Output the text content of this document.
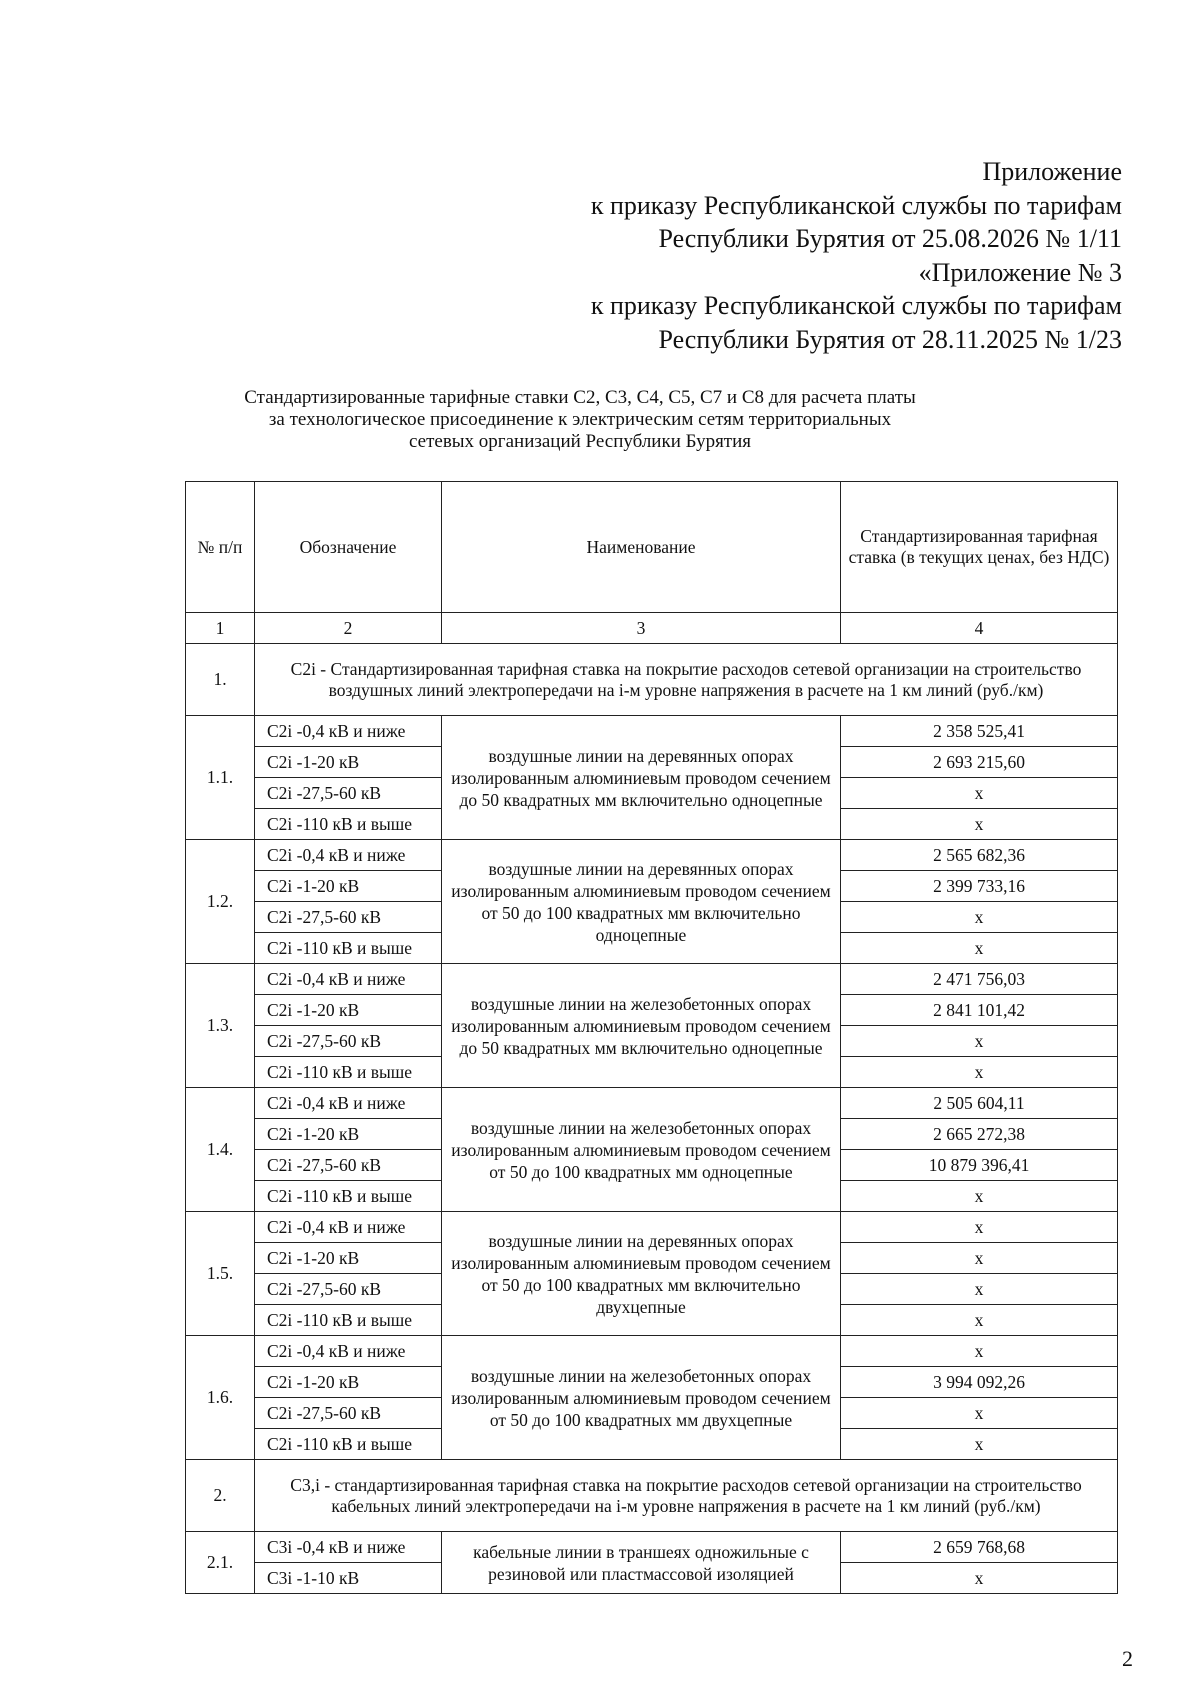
Приложение
к приказу Республиканской службы по тарифам
Республики Бурятия от 25.08.2026 № 1/11
«Приложение № 3
к приказу Республиканской службы по тарифам
Республики Бурятия от 28.11.2025 № 1/23
Стандартизированные тарифные ставки С2, С3, С4, С5, С7 и С8 для расчета платы
за технологическое присоединение к электрическим сетям территориальных
сетевых организаций Республики Бурятия
№ п/п	Обозначение	Наименование	Стандартизированная тарифная ставка (в текущих ценах, без НДС)
1	2	3	4
1.	С2i - Стандартизированная тарифная ставка на покрытие расходов сетевой организации на строительство воздушных линий электропередачи на i-м уровне напряжения в расчете на 1 км линий (руб./км)		
1.1.	С2i -0,4 кВ и ниже	воздушные линии на деревянных опорах изолированным алюминиевым проводом сечением до 50 квадратных мм включительно одноцепные	2 358 525,41
	С2i -1-20 кВ		2 693 215,60
	С2i -27,5-60 кВ		х
	С2i -110 кВ и выше		х
1.2.	С2i -0,4 кВ и ниже	воздушные линии на деревянных опорах изолированным алюминиевым проводом сечением от 50 до 100 квадратных мм включительно одноцепные	2 565 682,36
	С2i -1-20 кВ		2 399 733,16
	С2i -27,5-60 кВ		х
	С2i -110 кВ и выше		х
1.3.	С2i -0,4 кВ и ниже	воздушные линии на железобетонных опорах изолированным алюминиевым проводом сечением до 50 квадратных мм включительно одноцепные	2 471 756,03
	С2i -1-20 кВ		2 841 101,42
	С2i -27,5-60 кВ		х
	С2i -110 кВ и выше		х
1.4.	С2i -0,4 кВ и ниже	воздушные линии на железобетонных опорах изолированным алюминиевым проводом сечением от 50 до 100 квадратных мм одноцепные	2 505 604,11
	С2i -1-20 кВ		2 665 272,38
	С2i -27,5-60 кВ		10 879 396,41
	С2i -110 кВ и выше		х
1.5.	С2i -0,4 кВ и ниже	воздушные линии на деревянных опорах изолированным алюминиевым проводом сечением от 50 до 100 квадратных мм включительно двухцепные	х
	С2i -1-20 кВ		х
	С2i -27,5-60 кВ		х
	С2i -110 кВ и выше		х
1.6.	С2i -0,4 кВ и ниже	воздушные линии на железобетонных опорах изолированным алюминиевым проводом сечением от 50 до 100 квадратных мм двухцепные	х
	С2i -1-20 кВ		3 994 092,26
	С2i -27,5-60 кВ		х
	С2i -110 кВ и выше		х
2.	С3,i - стандартизированная тарифная ставка на покрытие расходов сетевой организации на строительство кабельных линий электропередачи на i-м уровне напряжения в расчете на 1 км линий (руб./км)		
2.1.	С3i -0,4 кВ и ниже	кабельные линии в траншеях одножильные с резиновой или пластмассовой изоляцией	2 659 768,68
	С3i -1-10 кВ		х
2
